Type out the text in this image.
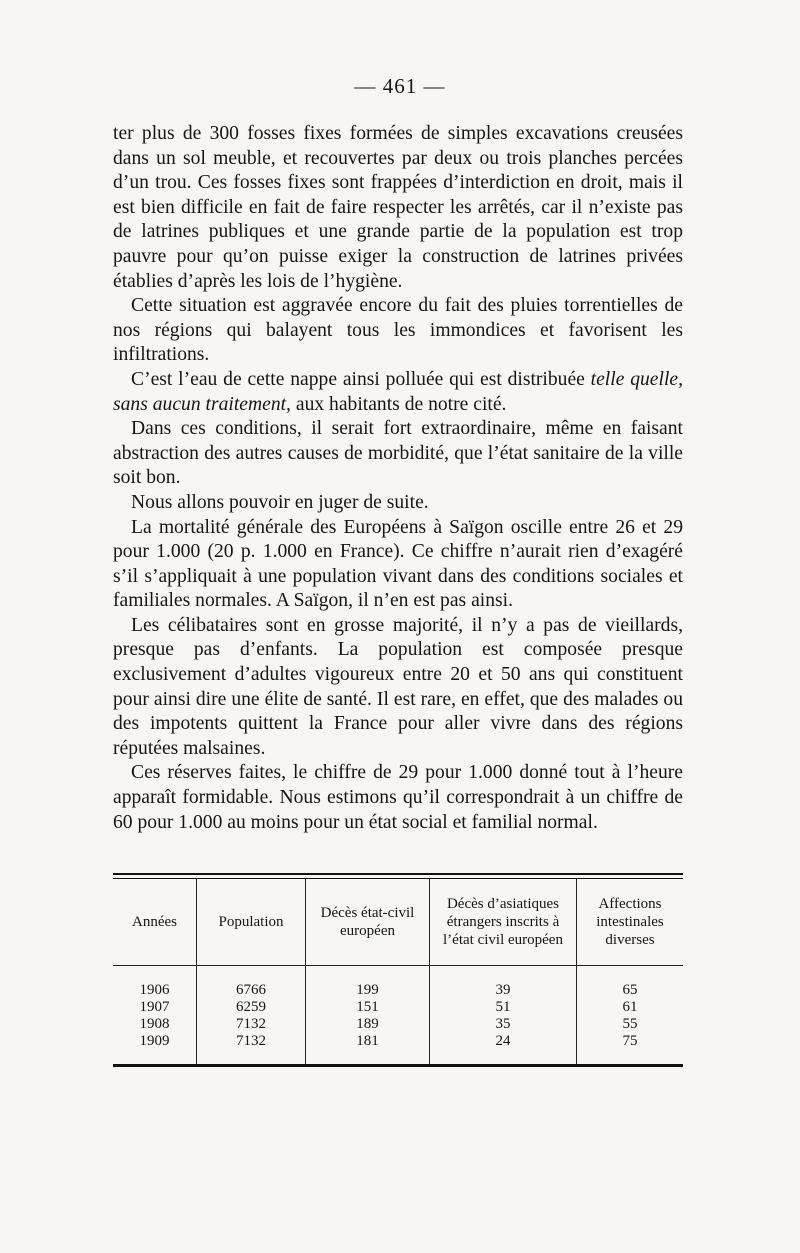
— 461 —

ter plus de 300 fosses fixes formées de simples excavations creusées dans un sol meuble, et recouvertes par deux ou trois planches percées d’un trou. Ces fosses fixes sont frappées d’interdiction en droit, mais il est bien difficile en fait de faire respecter les arrêtés, car il n’existe pas de latrines publiques et une grande partie de la population est trop pauvre pour qu’on puisse exiger la construction de latrines privées établies d’après les lois de l’hygiène.

Cette situation est aggravée encore du fait des pluies torrentielles de nos régions qui balayent tous les immondices et favorisent les infiltrations.

C’est l’eau de cette nappe ainsi polluée qui est distribuée telle quelle, sans aucun traitement, aux habitants de notre cité.

Dans ces conditions, il serait fort extraordinaire, même en faisant abstraction des autres causes de morbidité, que l’état sanitaire de la ville soit bon.

Nous allons pouvoir en juger de suite.

La mortalité générale des Européens à Saïgon oscille entre 26 et 29 pour 1.000 (20 p. 1.000 en France). Ce chiffre n’aurait rien d’exagéré s’il s’appliquait à une population vivant dans des conditions sociales et familiales normales. A Saïgon, il n’en est pas ainsi.

Les célibataires sont en grosse majorité, il n’y a pas de vieillards, presque pas d’enfants. La population est composée presque exclusivement d’adultes vigoureux entre 20 et 50 ans qui constituent pour ainsi dire une élite de santé. Il est rare, en effet, que des malades ou des impotents quittent la France pour aller vivre dans des régions réputées malsaines.

Ces réserves faites, le chiffre de 29 pour 1.000 donné tout à l’heure apparaît formidable. Nous estimons qu’il correspondrait à un chiffre de 60 pour 1.000 au moins pour un état social et familial normal.

Années	Population	Décès état-civil européen	Décès d’asiatiques étrangers inscrits à l’état civil européen	Affections intestinales diverses
1906	6766	199	39	65
1907	6259	151	51	61
1908	7132	189	35	55
1909	7132	181	24	75
